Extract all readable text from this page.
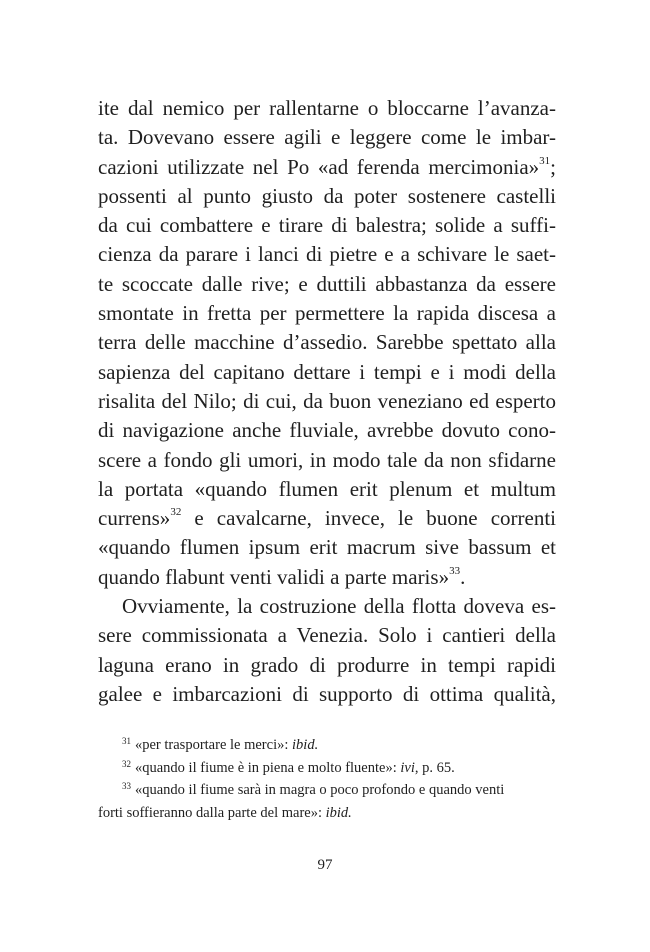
ite dal nemico per rallentarne o bloccarne l’avanza-
ta. Dovevano essere agili e leggere come le imbar-
cazioni utilizzate nel Po «ad ferenda mercimonia»$^{31}$;
possenti al punto giusto da poter sostenere castelli
da cui combattere e tirare di balestra; solide a suffi-
cienza da parare i lanci di pietre e a schivare le saet-
te scoccate dalle rive; e duttili abbastanza da essere
smontate in fretta per permettere la rapida discesa a
terra delle macchine d’assedio. Sarebbe spettato alla
sapienza del capitano dettare i tempi e i modi della
risalita del Nilo; di cui, da buon veneziano ed esperto
di navigazione anche fluviale, avrebbe dovuto cono-
scere a fondo gli umori, in modo tale da non sfidarne
la portata «quando flumen erit plenum et multum
currens»$^{32}$ e cavalcarne, invece, le buone correnti
«quando flumen ipsum erit macrum sive bassum et
quando flabunt venti validi a parte maris»$^{33}$.
Ovviamente, la costruzione della flotta doveva es-
sere commissionata a Venezia. Solo i cantieri della
laguna erano in grado di produrre in tempi rapidi
galee e imbarcazioni di supporto di ottima qualità,
$^{31}$ «per trasportare le merci»: ibid.
$^{32}$ «quando il fiume è in piena e molto fluente»: ivi, p. 65.
$^{33}$ «quando il fiume sarà in magra o poco profondo e quando venti
forti soffieranno dalla parte del mare»: ibid.
97
